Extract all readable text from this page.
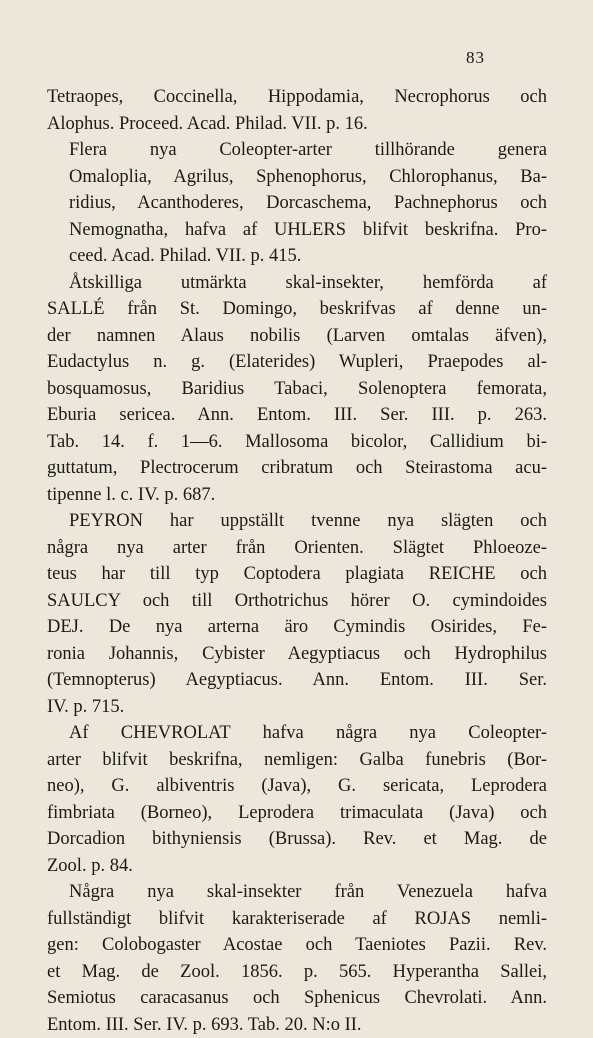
83

Tetraopes, Coccinella, Hippodamia, Necrophorus och
Alophus. Proceed. Acad. Philad. VII. p. 16.

Flera nya Coleopter-arter tillhörande genera
Omaloplia, Agrilus, Sphenophorus, Chlorophanus, Ba-
ridius, Acanthoderes, Dorcaschema, Pachnephorus och
Nemognatha, hafva af UHLERS blifvit beskrifna. Pro-
ceed. Acad. Philad. VII. p. 415.

Åtskilliga utmärkta skal-insekter, hemförda af
SALLÉ från St. Domingo, beskrifvas af denne un-
der namnen Alaus nobilis (Larven omtalas äfven),
Eudactylus n. g. (Elaterides) Wupleri, Praepodes al-
bosquamosus, Baridius Tabaci, Solenoptera femorata,
Eburia sericea. Ann. Entom. III. Ser. III. p. 263.
Tab. 14. f. 1—6. Mallosoma bicolor, Callidium bi-
guttatum, Plectrocerum cribratum och Steirastoma acu-
tipenne l. c. IV. p. 687.

PEYRON har uppställt tvenne nya slägten och
några nya arter från Orienten. Slägtet Phloeoze-
teus har till typ Coptodera plagiata REICHE och
SAULCY och till Orthotrichus hörer O. cymindoides
DEJ. De nya arterna äro Cymindis Osirides, Fe-
ronia Johannis, Cybister Aegyptiacus och Hydrophilus
(Temnopterus) Aegyptiacus. Ann. Entom. III. Ser.
IV. p. 715.

Af CHEVROLAT hafva några nya Coleopter-
arter blifvit beskrifna, nemligen: Galba funebris (Bor-
neo), G. albiventris (Java), G. sericata, Leprodera
fimbriata (Borneo), Leprodera trimaculata (Java) och
Dorcadion bithyniensis (Brussa). Rev. et Mag. de
Zool. p. 84.

Några nya skal-insekter från Venezuela hafva
fullständigt blifvit karakteriserade af ROJAS nemli-
gen: Colobogaster Acostae och Taeniotes Pazii. Rev.
et Mag. de Zool. 1856. p. 565. Hyperantha Sallei,
Semiotus caracasanus och Sphenicus Chevrolati. Ann.
Entom. III. Ser. IV. p. 693. Tab. 20. N:o II.
